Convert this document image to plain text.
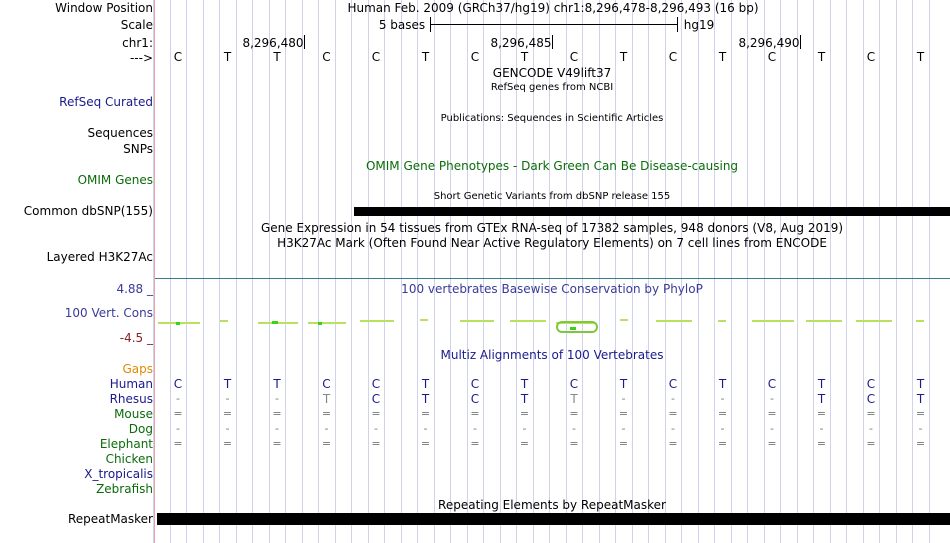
Window Position	Human Feb. 2009 (GRCh37/hg19) chr1:8,296,478-8,296,493 (16 bp)
Scale	5 bases	hg19
chr1:	8,296,480	8,296,485	8,296,490
---> C	T	T	C	C	T	C	T	C	T	C	T	C	T	C	T
GENCODE V49lift37
RefSeq genes from NCBI
RefSeq Curated
Publications: Sequences in Scientific Articles
Sequences
SNPs
OMIM Gene Phenotypes - Dark Green Can Be Disease-causing
OMIM Genes
Short Genetic Variants from dbSNP release 155
Common dbSNP(155)
Gene Expression in 54 tissues from GTEx RNA-seq of 17382 samples, 948 donors (V8, Aug 2019)
H3K27Ac Mark (Often Found Near Active Regulatory Elements) on 7 cell lines from ENCODE
Layered H3K27Ac
4.88 _	100 vertebrates Basewise Conservation by PhyloP
100 Vert. Cons
-4.5 _
Multiz Alignments of 100 Vertebrates
Gaps
Human C	T	T	C	C	T	C	T	C	T	C	T	C	T	C	T
Rhesus -	-	-	T	C	T	C	T	T	-	-	-	-	T	C	T
Mouse =	=	=	=	=	=	=	=	=	=	=	=	=	=	=	=
Dog -	-	-	-	-	-	-	-	-	-	-	-	-	-	-	-
Elephant =	=	=	=	=	=	=	=	=	=	=	=	=	=	=	=
Chicken
X_tropicalis
Zebrafish
Repeating Elements by RepeatMasker
RepeatMasker
